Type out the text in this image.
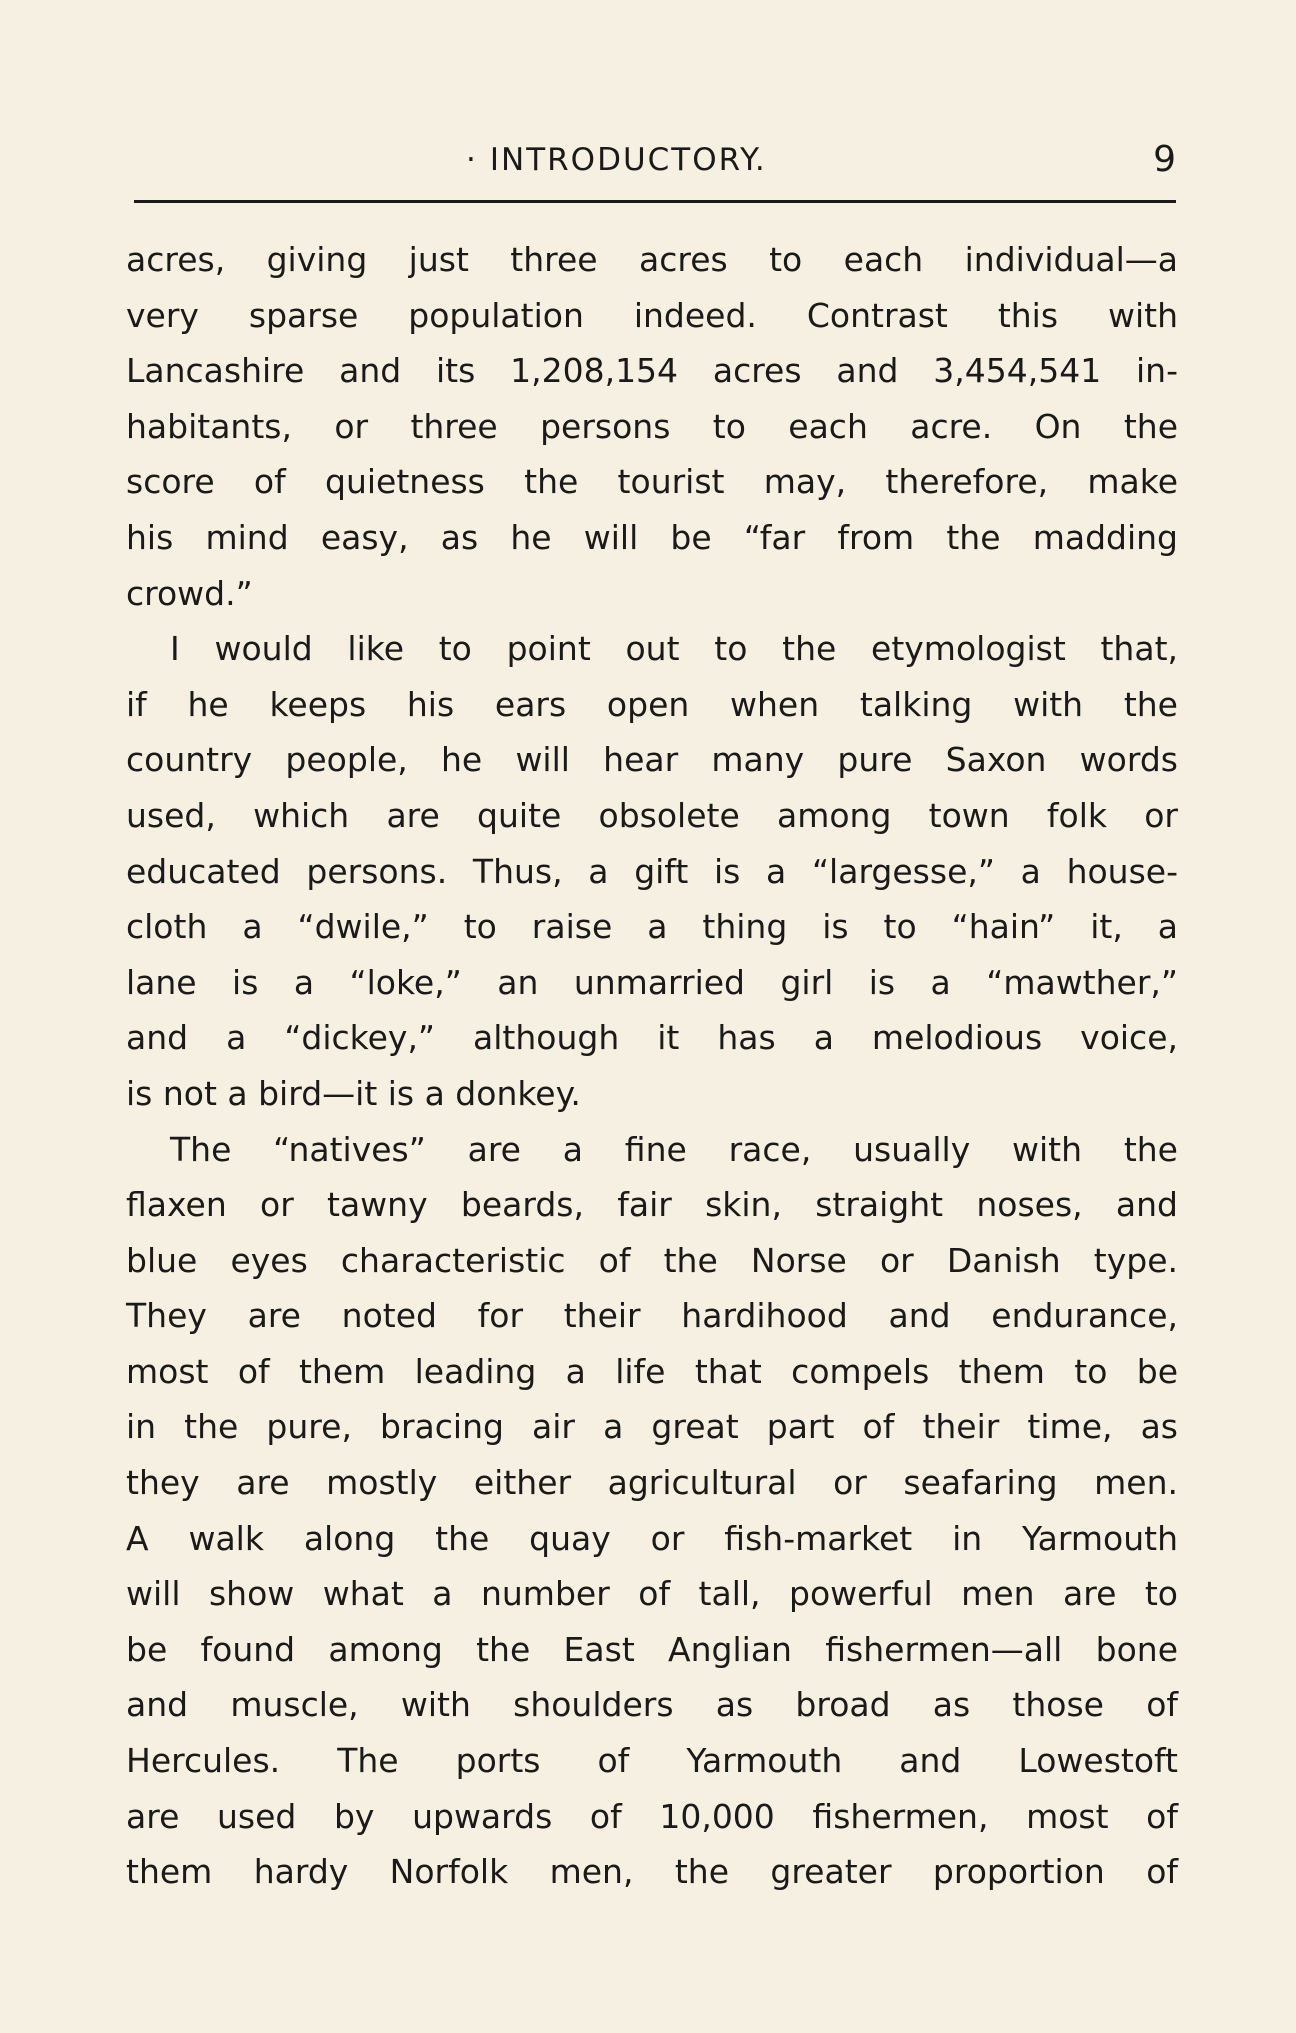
· INTRODUCTORY.	9
acres, giving just three acres to each individual—a
very sparse population indeed. Contrast this with
Lancashire and its 1,208,154 acres and 3,454,541 in-
habitants, or three persons to each acre. On the
score of quietness the tourist may, therefore, make
his mind easy, as he will be “far from the madding
crowd.”
I would like to point out to the etymologist that,
if he keeps his ears open when talking with the
country people, he will hear many pure Saxon words
used, which are quite obsolete among town folk or
educated persons. Thus, a gift is a “largesse,” a house-
cloth a “dwile,” to raise a thing is to “hain” it, a
lane is a “loke,” an unmarried girl is a “mawther,”
and a “dickey,” although it has a melodious voice,
is not a bird—it is a donkey.
The “natives” are a fine race, usually with the
flaxen or tawny beards, fair skin, straight noses, and
blue eyes characteristic of the Norse or Danish type.
They are noted for their hardihood and endurance,
most of them leading a life that compels them to be
in the pure, bracing air a great part of their time, as
they are mostly either agricultural or seafaring men.
A walk along the quay or fish-market in Yarmouth
will show what a number of tall, powerful men are to
be found among the East Anglian fishermen—all bone
and muscle, with shoulders as broad as those of
Hercules. The ports of Yarmouth and Lowestoft
are used by upwards of 10,000 fishermen, most of
them hardy Norfolk men, the greater proportion of
